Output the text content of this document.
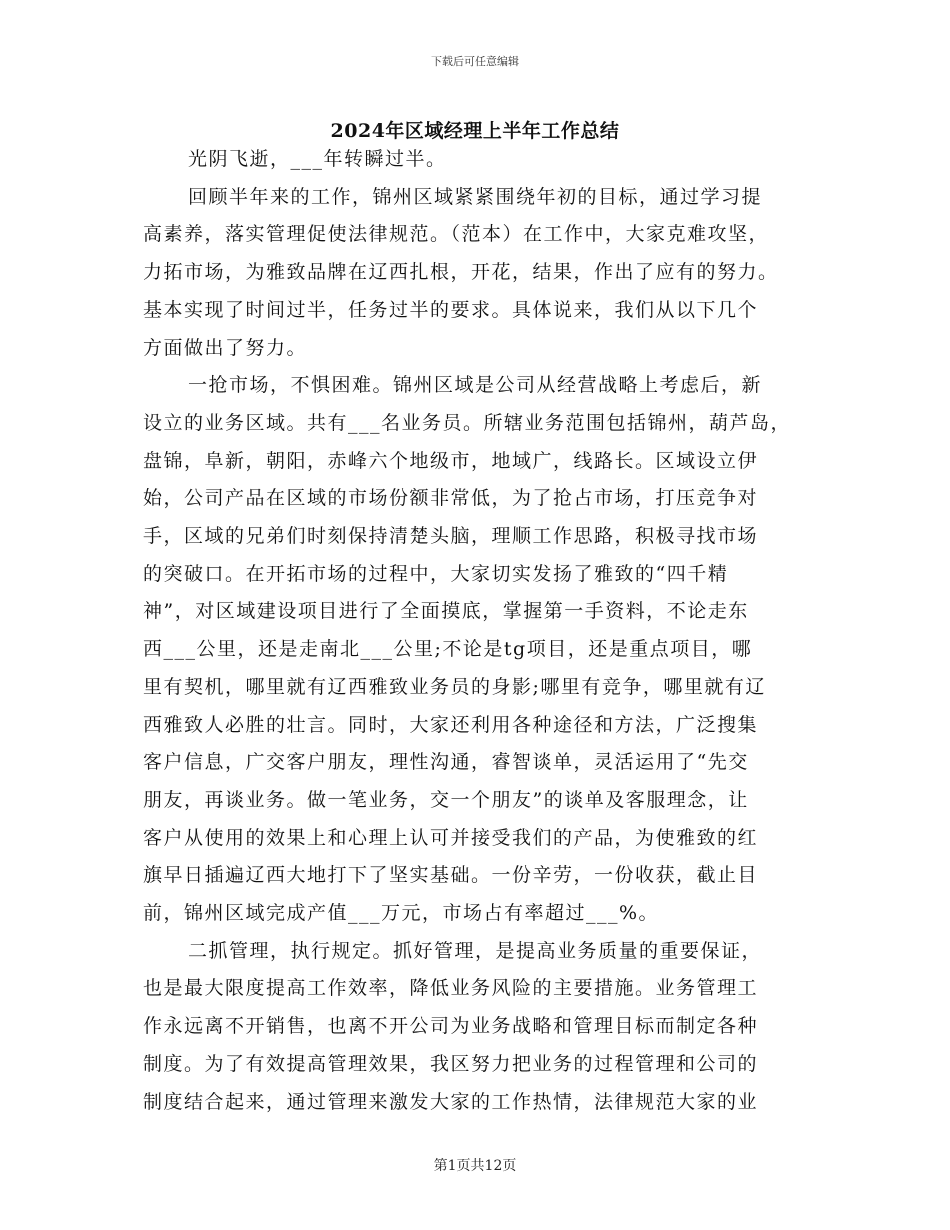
下载后可任意编辑
2024年区域经理上半年工作总结
光阴飞逝，___年转瞬过半。
回顾半年来的工作，锦州区域紧紧围绕年初的目标，通过学习提
高素养，落实管理促使法律规范。（范本）在工作中，大家克难攻坚，
力拓市场，为雅致品牌在辽西扎根，开花，结果，作出了应有的努力。
基本实现了时间过半，任务过半的要求。具体说来，我们从以下几个
方面做出了努力。
一抢市场，不惧困难。锦州区域是公司从经营战略上考虑后，新
设立的业务区域。共有___名业务员。所辖业务范围包括锦州，葫芦岛，
盘锦，阜新，朝阳，赤峰六个地级市，地域广，线路长。区域设立伊
始，公司产品在区域的市场份额非常低，为了抢占市场，打压竞争对
手，区域的兄弟们时刻保持清楚头脑，理顺工作思路，积极寻找市场
的突破口。在开拓市场的过程中，大家切实发扬了雅致的“四千精
神”，对区域建设项目进行了全面摸底，掌握第一手资料，不论走东
西___公里，还是走南北___公里;不论是tg项目，还是重点项目，哪
里有契机，哪里就有辽西雅致业务员的身影;哪里有竞争，哪里就有辽
西雅致人必胜的壮言。同时，大家还利用各种途径和方法，广泛搜集
客户信息，广交客户朋友，理性沟通，睿智谈单，灵活运用了“先交
朋友，再谈业务。做一笔业务，交一个朋友”的谈单及客服理念，让
客户从使用的效果上和心理上认可并接受我们的产品，为使雅致的红
旗早日插遍辽西大地打下了坚实基础。一份辛劳，一份收获，截止目
前，锦州区域完成产值___万元，市场占有率超过___%。
二抓管理，执行规定。抓好管理，是提高业务质量的重要保证，
也是最大限度提高工作效率，降低业务风险的主要措施。业务管理工
作永远离不开销售，也离不开公司为业务战略和管理目标而制定各种
制度。为了有效提高管理效果，我区努力把业务的过程管理和公司的
制度结合起来，通过管理来激发大家的工作热情，法律规范大家的业
第1页共12页
